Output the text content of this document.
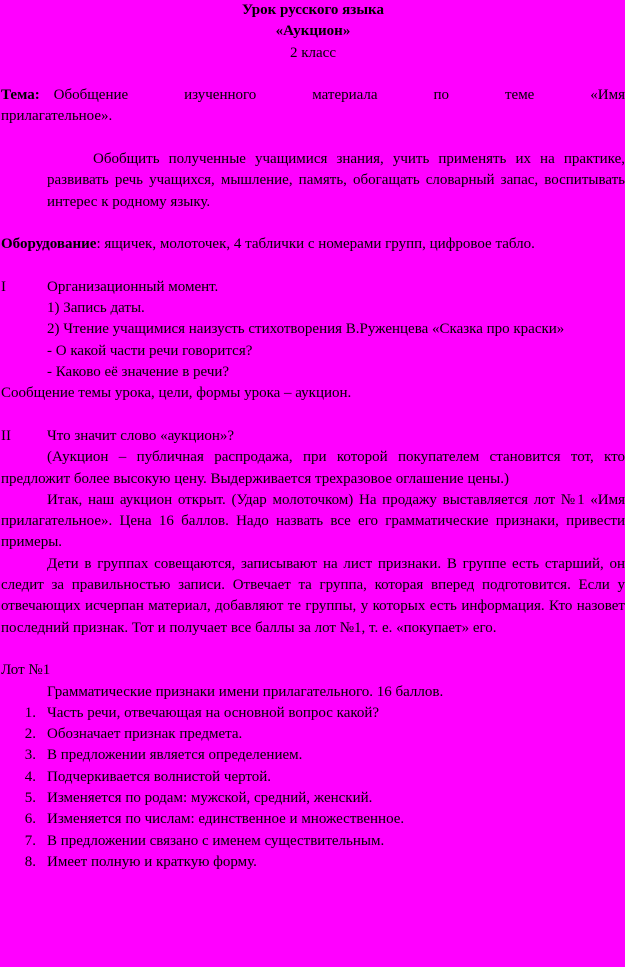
Урок русского языка
«Аукцион»
2 класс
Тема: Обобщение изученного материала по теме «Имя прилагательное».
Обобщить полученные учащимися знания, учить применять их на практике, развивать речь учащихся, мышление, память, обогащать словарный запас, воспитывать интерес к родному языку.
Оборудование: ящичек, молоточек, 4 таблички с номерами групп, цифровое табло.
I	Организационный момент.
1) Запись даты.
2) Чтение учащимися наизусть стихотворения В.Руженцева «Сказка про краски»
- О какой части речи говорится?
- Каково её значение в речи?
Сообщение темы урока, цели, формы урока – аукцион.
II	Что значит слово «аукцион»?
(Аукцион – публичная распродажа, при которой покупателем становится тот, кто предложит более высокую цену. Выдерживается трехразовое оглашение цены.)
Итак, наш аукцион открыт. (Удар молоточком) На продажу выставляется лот №1 «Имя прилагательное». Цена 16 баллов. Надо назвать все его грамматические признаки, привести примеры.
Дети в группах совещаются, записывают на лист признаки. В группе есть старший, он следит за правильностью записи. Отвечает та группа, которая вперед подготовится. Если у отвечающих исчерпан материал, добавляют те группы, у которых есть информация. Кто назовет последний признак. Тот и получает все баллы за лот №1, т. е. «покупает» его.
Лот №1
Грамматические признаки имени прилагательного. 16 баллов.
1. Часть речи, отвечающая на основной вопрос какой?
2. Обозначает признак предмета.
3. В предложении является определением.
4. Подчеркивается волнистой чертой.
5. Изменяется по родам: мужской, средний, женский.
6. Изменяется по числам: единственное и множественное.
7. В предложении связано с именем существительным.
8. Имеет полную и краткую форму.
